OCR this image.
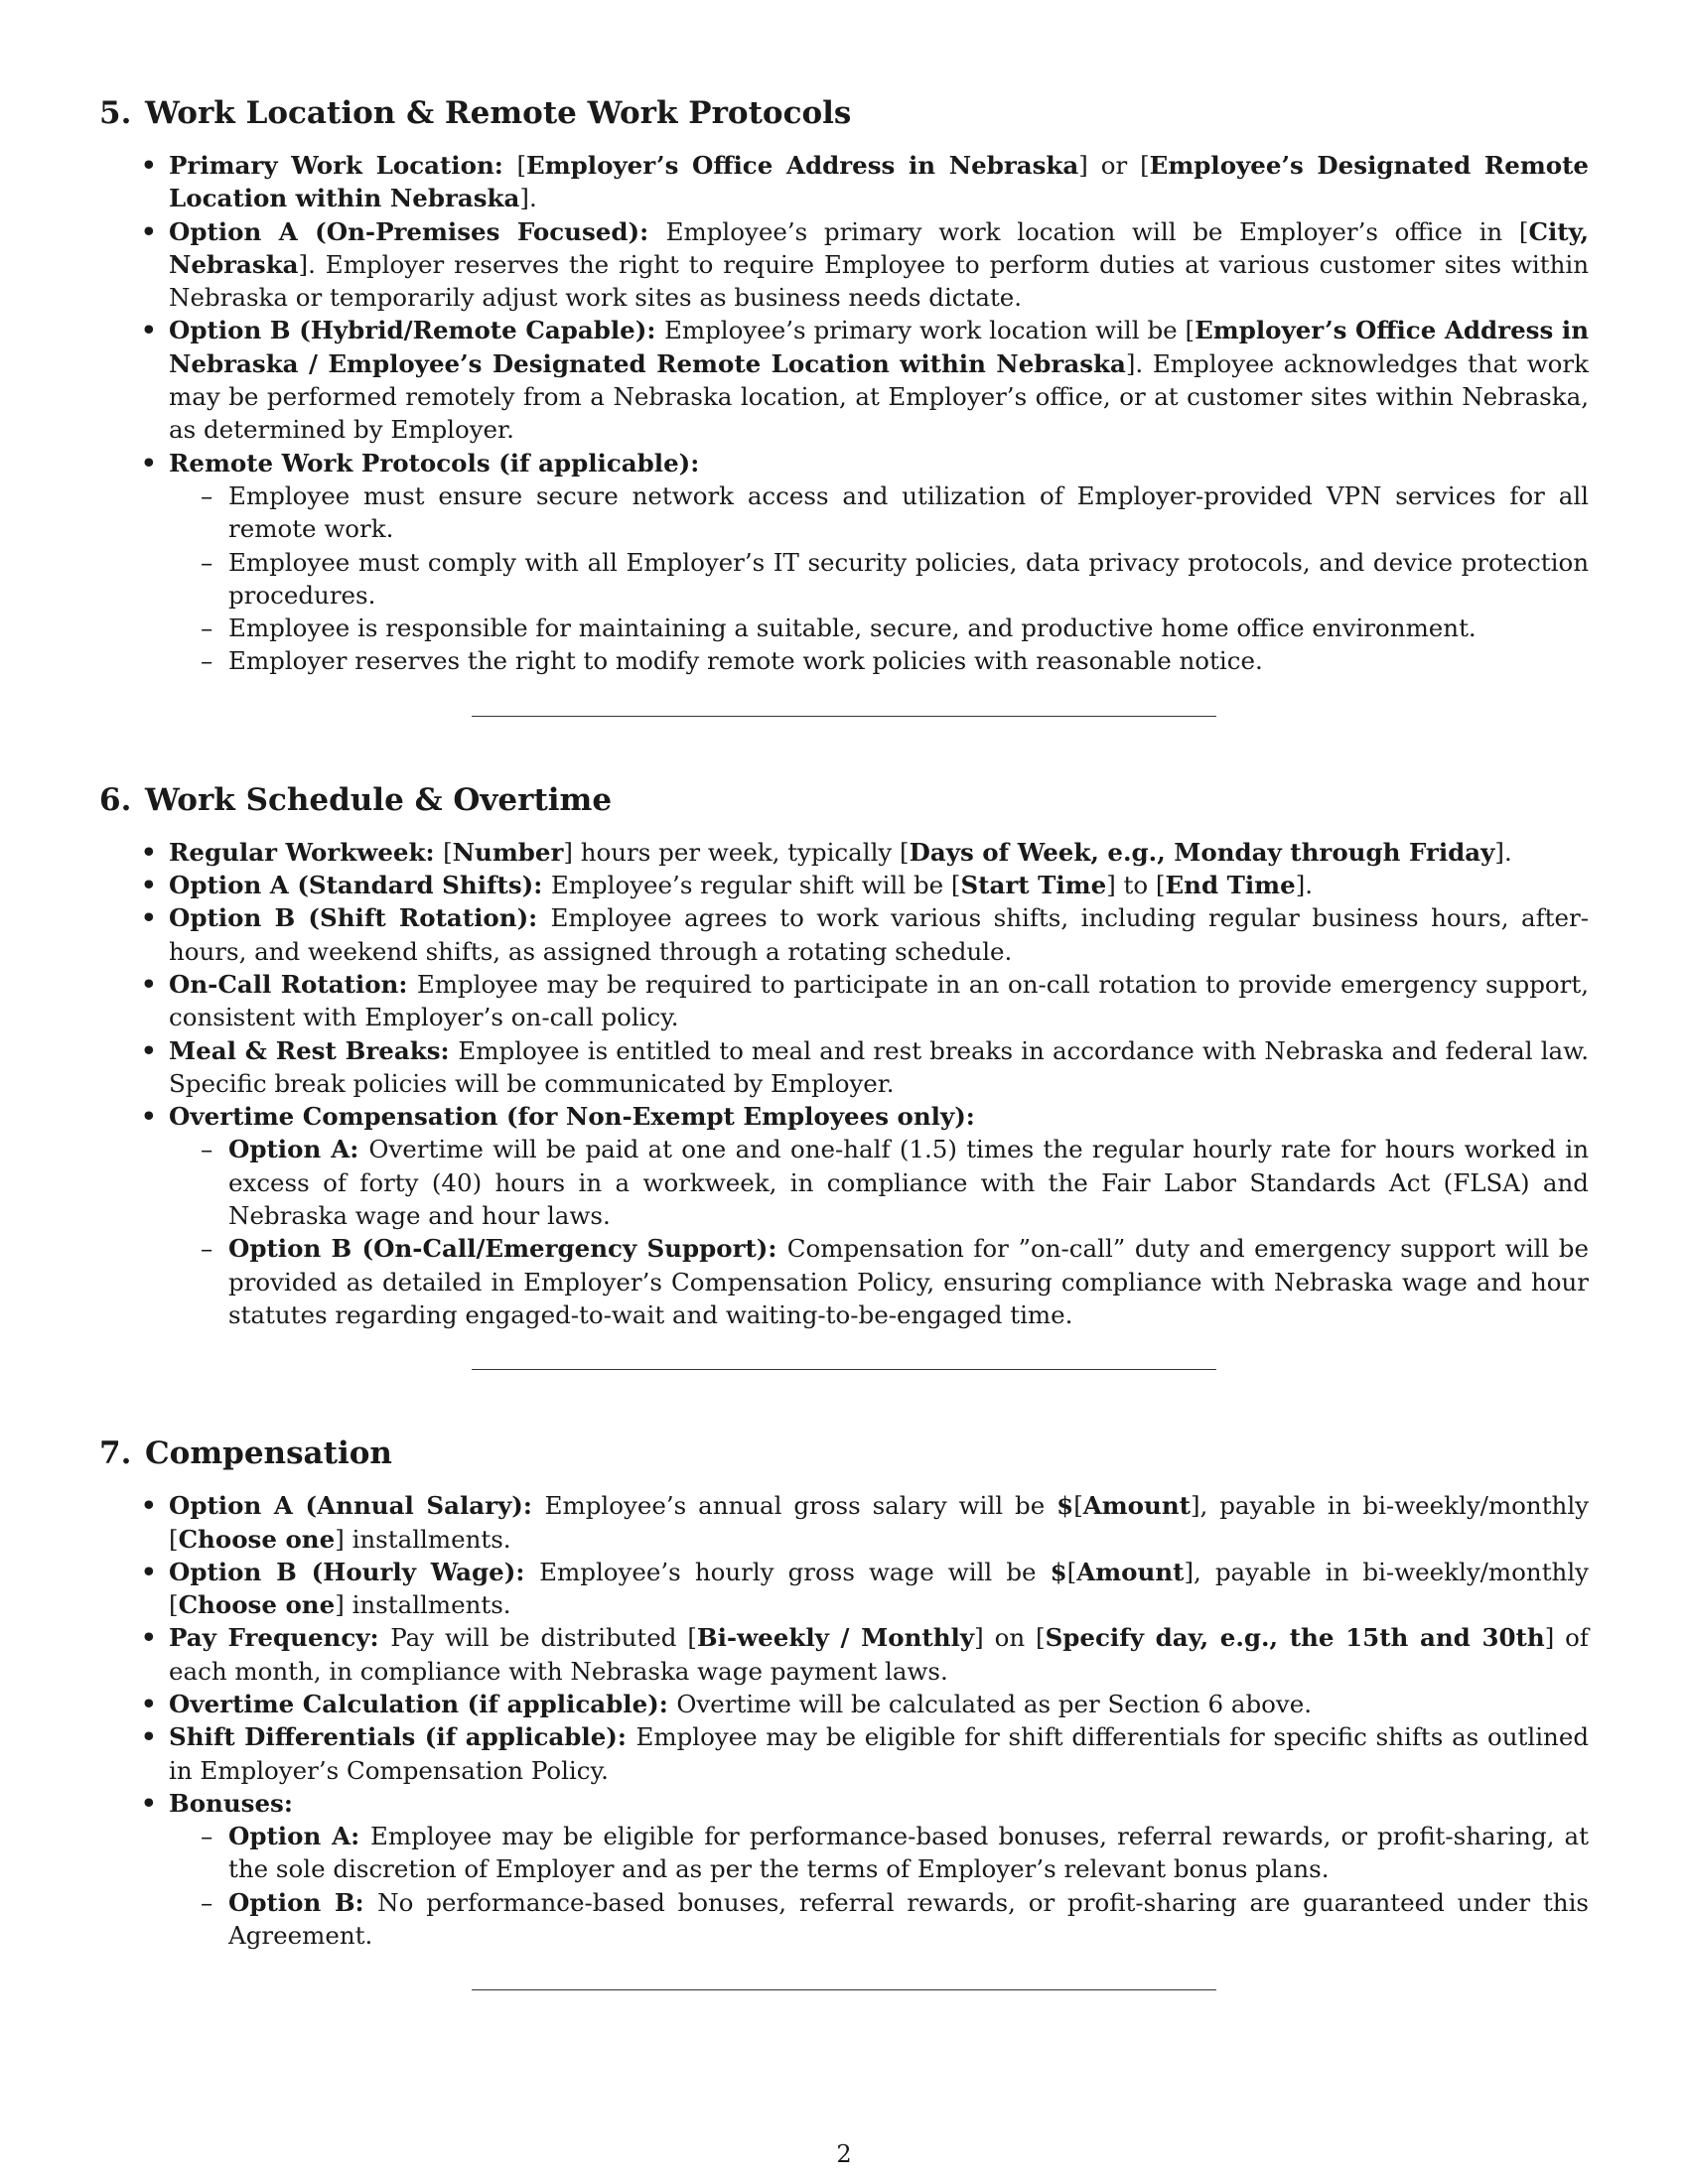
5. Work Location & Remote Work Protocols
• Primary Work Location: [Employer’s Office Address in Nebraska] or [Employee’s Designated Remote Location within Nebraska].
• Option A (On-Premises Focused): Employee’s primary work location will be Employer’s office in [City, Nebraska]. Employer reserves the right to require Employee to perform duties at various customer sites within Nebraska or temporarily adjust work sites as business needs dictate.
• Option B (Hybrid/Remote Capable): Employee’s primary work location will be [Employer’s Office Address in Nebraska / Employee’s Designated Remote Location within Nebraska]. Employee acknowledges that work may be performed remotely from a Nebraska location, at Employer’s office, or at customer sites within Nebraska, as determined by Employer.
• Remote Work Protocols (if applicable):
– Employee must ensure secure network access and utilization of Employer-provided VPN services for all remote work.
– Employee must comply with all Employer’s IT security policies, data privacy protocols, and device protection procedures.
– Employee is responsible for maintaining a suitable, secure, and productive home office environment.
– Employer reserves the right to modify remote work policies with reasonable notice.
6. Work Schedule & Overtime
• Regular Workweek: [Number] hours per week, typically [Days of Week, e.g., Monday through Friday].
• Option A (Standard Shifts): Employee’s regular shift will be [Start Time] to [End Time].
• Option B (Shift Rotation): Employee agrees to work various shifts, including regular business hours, after-hours, and weekend shifts, as assigned through a rotating schedule.
• On-Call Rotation: Employee may be required to participate in an on-call rotation to provide emergency support, consistent with Employer’s on-call policy.
• Meal & Rest Breaks: Employee is entitled to meal and rest breaks in accordance with Nebraska and federal law. Specific break policies will be communicated by Employer.
• Overtime Compensation (for Non-Exempt Employees only):
– Option A: Overtime will be paid at one and one-half (1.5) times the regular hourly rate for hours worked in excess of forty (40) hours in a workweek, in compliance with the Fair Labor Standards Act (FLSA) and Nebraska wage and hour laws.
– Option B (On-Call/Emergency Support): Compensation for ”on-call” duty and emergency support will be provided as detailed in Employer’s Compensation Policy, ensuring compliance with Nebraska wage and hour statutes regarding engaged-to-wait and waiting-to-be-engaged time.
7. Compensation
• Option A (Annual Salary): Employee’s annual gross salary will be $[Amount], payable in bi-weekly/monthly [Choose one] installments.
• Option B (Hourly Wage): Employee’s hourly gross wage will be $[Amount], payable in bi-weekly/monthly [Choose one] installments.
• Pay Frequency: Pay will be distributed [Bi-weekly / Monthly] on [Specify day, e.g., the 15th and 30th] of each month, in compliance with Nebraska wage payment laws.
• Overtime Calculation (if applicable): Overtime will be calculated as per Section 6 above.
• Shift Differentials (if applicable): Employee may be eligible for shift differentials for specific shifts as outlined in Employer’s Compensation Policy.
• Bonuses:
– Option A: Employee may be eligible for performance-based bonuses, referral rewards, or profit-sharing, at the sole discretion of Employer and as per the terms of Employer’s relevant bonus plans.
– Option B: No performance-based bonuses, referral rewards, or profit-sharing are guaranteed under this Agreement.
2
